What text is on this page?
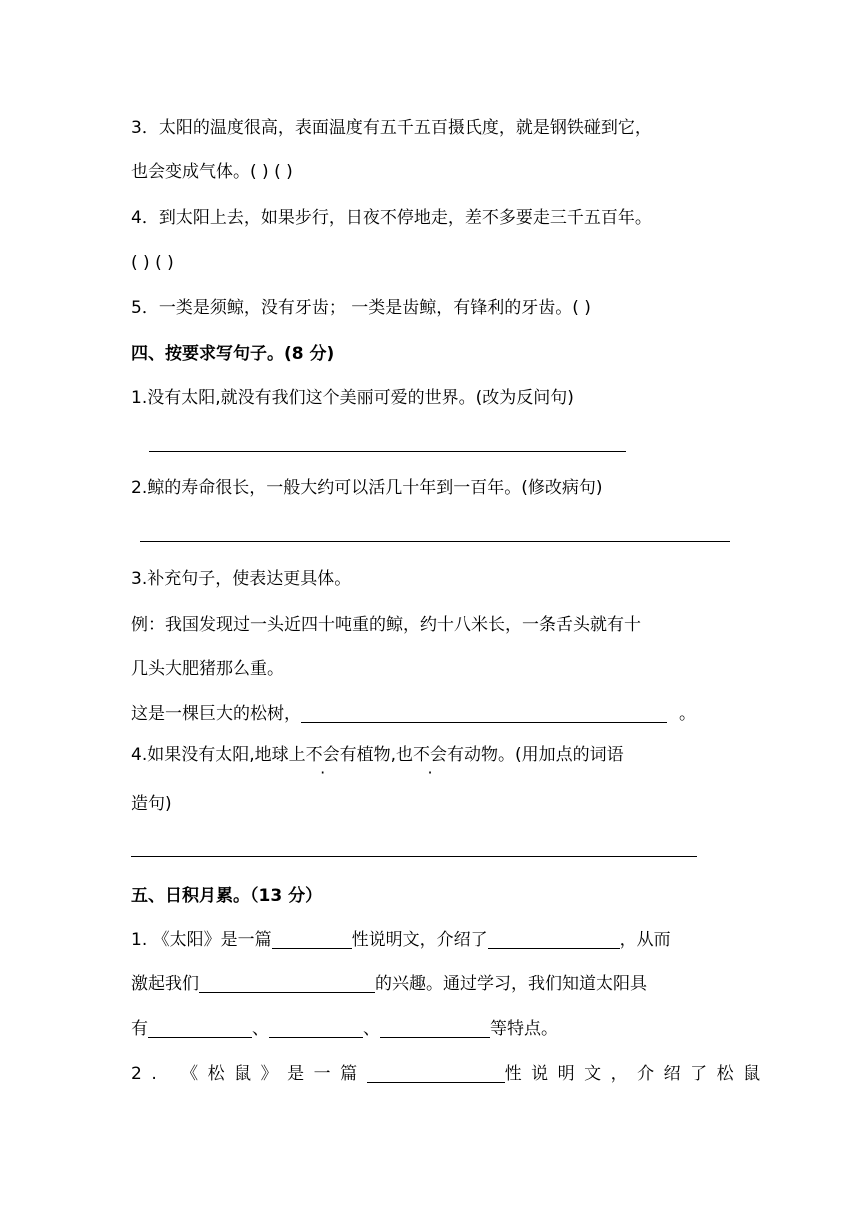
3．太阳的温度很高，表面温度有五千五百摄氏度，就是钢铁碰到它，
也会变成气体。( ) ( )
4．到太阳上去，如果步行，日夜不停地走，差不多要走三千五百年。
( ) ( )
5．一类是须鲸，没有牙齿； 一类是齿鲸，有锋利的牙齿。( )
四、按要求写句子。(8 分)
1.没有太阳,就没有我们这个美丽可爱的世界。(改为反问句)
2.鲸的寿命很长，一般大约可以活几十年到一百年。(修改病句)
3.补充句子，使表达更具体。
例：我国发现过一头近四十吨重的鲸，约十八米长，一条舌头就有十
几头大肥猪那么重。
这是一棵巨大的松树，	。
4.如果没有太阳,地球上不会有植物,也不会有动物。(用加点的词语
造句)
五、日积月累。（13 分）
1. 《太阳》是一篇	性说明文，介绍了	，从而
激起我们	的兴趣。通过学习，我们知道太阳具
有	、	、	等特点。
2. 《松鼠》是一篇	性说明文，介绍了松鼠
